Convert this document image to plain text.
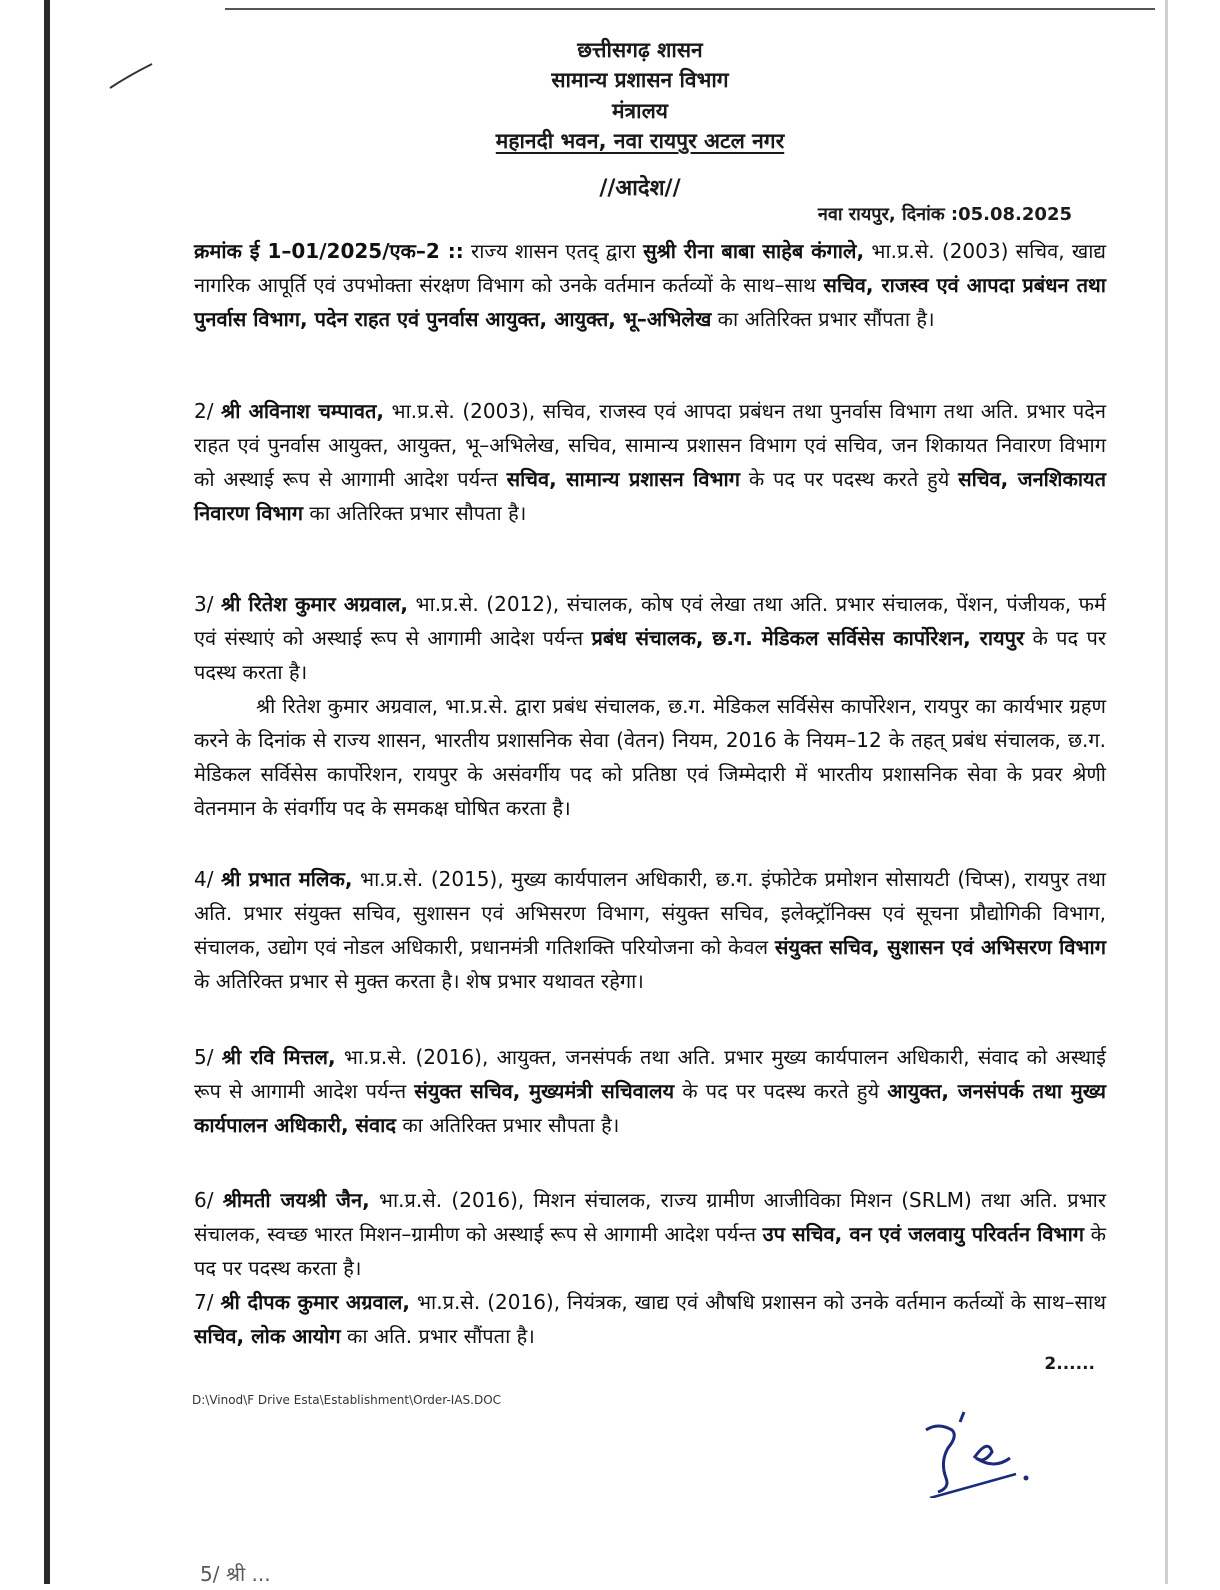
छत्तीसगढ़ शासन
सामान्य प्रशासन विभाग
मंत्रालय
महानदी भवन, नवा रायपुर अटल नगर
//आदेश//
नवा रायपुर, दिनांक :05.08.2025
क्रमांक ई 1–01/2025/एक–2 :: राज्य शासन एतद् द्वारा सुश्री रीना बाबा साहेब कंगाले, भा.प्र.से. (2003) सचिव, खाद्य नागरिक आपूर्ति एवं उपभोक्ता संरक्षण विभाग को उनके वर्तमान कर्तव्यों के साथ–साथ सचिव, राजस्व एवं आपदा प्रबंधन तथा पुनर्वास विभाग, पदेन राहत एवं पुनर्वास आयुक्त, आयुक्त, भू–अभिलेख का अतिरिक्त प्रभार सौंपता है।
2/ श्री अविनाश चम्पावत, भा.प्र.से. (2003), सचिव, राजस्व एवं आपदा प्रबंधन तथा पुनर्वास विभाग तथा अति. प्रभार पदेन राहत एवं पुनर्वास आयुक्त, आयुक्त, भू–अभिलेख, सचिव, सामान्य प्रशासन विभाग एवं सचिव, जन शिकायत निवारण विभाग को अस्थाई रूप से आगामी आदेश पर्यन्त सचिव, सामान्य प्रशासन विभाग के पद पर पदस्थ करते हुये सचिव, जनशिकायत निवारण विभाग का अतिरिक्त प्रभार सौपता है।
3/ श्री रितेश कुमार अग्रवाल, भा.प्र.से. (2012), संचालक, कोष एवं लेखा तथा अति. प्रभार संचालक, पेंशन, पंजीयक, फर्म एवं संस्थाएं को अस्थाई रूप से आगामी आदेश पर्यन्त प्रबंध संचालक, छ.ग. मेडिकल सर्विसेस कार्पोरेशन, रायपुर के पद पर पदस्थ करता है।
श्री रितेश कुमार अग्रवाल, भा.प्र.से. द्वारा प्रबंध संचालक, छ.ग. मेडिकल सर्विसेस कार्पोरेशन, रायपुर का कार्यभार ग्रहण करने के दिनांक से राज्य शासन, भारतीय प्रशासनिक सेवा (वेतन) नियम, 2016 के नियम–12 के तहत् प्रबंध संचालक, छ.ग. मेडिकल सर्विसेस कार्पोरेशन, रायपुर के असंवर्गीय पद को प्रतिष्ठा एवं जिम्मेदारी में भारतीय प्रशासनिक सेवा के प्रवर श्रेणी वेतनमान के संवर्गीय पद के समकक्ष घोषित करता है।
4/ श्री प्रभात मलिक, भा.प्र.से. (2015), मुख्य कार्यपालन अधिकारी, छ.ग. इंफोटेक प्रमोशन सोसायटी (चिप्स), रायपुर तथा अति. प्रभार संयुक्त सचिव, सुशासन एवं अभिसरण विभाग, संयुक्त सचिव, इलेक्ट्रॉनिक्स एवं सूचना प्रौद्योगिकी विभाग, संचालक, उद्योग एवं नोडल अधिकारी, प्रधानमंत्री गतिशक्ति परियोजना को केवल संयुक्त सचिव, सुशासन एवं अभिसरण विभाग के अतिरिक्त प्रभार से मुक्त करता है। शेष प्रभार यथावत रहेगा।
5/ श्री रवि मित्तल, भा.प्र.से. (2016), आयुक्त, जनसंपर्क तथा अति. प्रभार मुख्य कार्यपालन अधिकारी, संवाद को अस्थाई रूप से आगामी आदेश पर्यन्त संयुक्त सचिव, मुख्यमंत्री सचिवालय के पद पर पदस्थ करते हुये आयुक्त, जनसंपर्क तथा मुख्य कार्यपालन अधिकारी, संवाद का अतिरिक्त प्रभार सौपता है।
6/ श्रीमती जयश्री जैन, भा.प्र.से. (2016), मिशन संचालक, राज्य ग्रामीण आजीविका मिशन (SRLM) तथा अति. प्रभार संचालक, स्वच्छ भारत मिशन–ग्रामीण को अस्थाई रूप से आगामी आदेश पर्यन्त उप सचिव, वन एवं जलवायु परिवर्तन विभाग के पद पर पदस्थ करता है।
7/ श्री दीपक कुमार अग्रवाल, भा.प्र.से. (2016), नियंत्रक, खाद्य एवं औषधि प्रशासन को उनके वर्तमान कर्तव्यों के साथ–साथ सचिव, लोक आयोग का अति. प्रभार सौंपता है।
2......
D:\Vinod\F Drive Esta\Establishment\Order-IAS.DOC
5/ श्री ...
